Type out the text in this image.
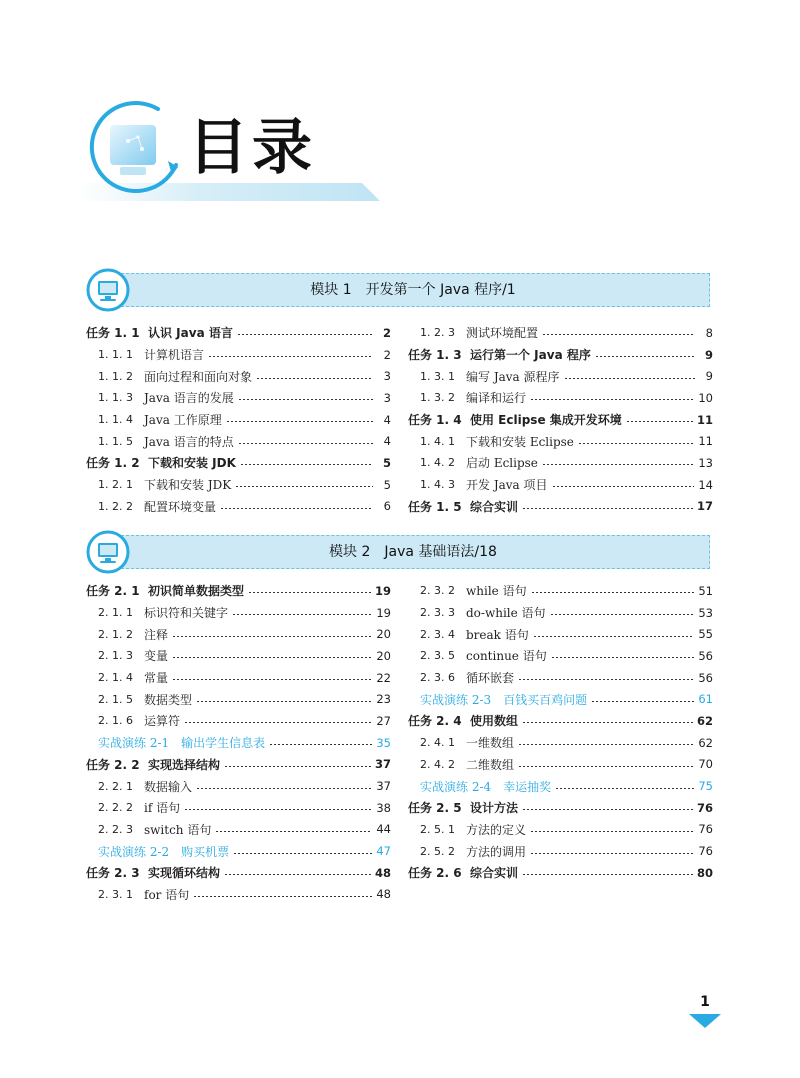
目录
模块 1　开发第一个 Java 程序/1
任务 1. 1 认识 Java 语言	2
1. 1. 1 计算机语言	2
1. 1. 2 面向过程和面向对象	3
1. 1. 3 Java 语言的发展	3
1. 1. 4 Java 工作原理	4
1. 1. 5 Java 语言的特点	4
任务 1. 2 下载和安装 JDK	5
1. 2. 1 下载和安装 JDK	5
1. 2. 2 配置环境变量	6
1. 2. 3 测试环境配置	8
任务 1. 3 运行第一个 Java 程序	9
1. 3. 1 编写 Java 源程序	9
1. 3. 2 编译和运行	10
任务 1. 4 使用 Eclipse 集成开发环境	11
1. 4. 1 下载和安装 Eclipse	11
1. 4. 2 启动 Eclipse	13
1. 4. 3 开发 Java 项目	14
任务 1. 5 综合实训	17
模块 2　Java 基础语法/18
任务 2. 1 初识简单数据类型	19
2. 1. 1 标识符和关键字	19
2. 1. 2 注释	20
2. 1. 3 变量	20
2. 1. 4 常量	22
2. 1. 5 数据类型	23
2. 1. 6 运算符	27
实战演练 2-1　输出学生信息表	35
任务 2. 2 实现选择结构	37
2. 2. 1 数据输入	37
2. 2. 2 if 语句	38
2. 2. 3 switch 语句	44
实战演练 2-2　购买机票	47
任务 2. 3 实现循环结构	48
2. 3. 1 for 语句	48
2. 3. 2 while 语句	51
2. 3. 3 do-while 语句	53
2. 3. 4 break 语句	55
2. 3. 5 continue 语句	56
2. 3. 6 循环嵌套	56
实战演练 2-3　百钱买百鸡问题	61
任务 2. 4 使用数组	62
2. 4. 1 一维数组	62
2. 4. 2 二维数组	70
实战演练 2-4　幸运抽奖	75
任务 2. 5 设计方法	76
2. 5. 1 方法的定义	76
2. 5. 2 方法的调用	76
任务 2. 6 综合实训	80
1
